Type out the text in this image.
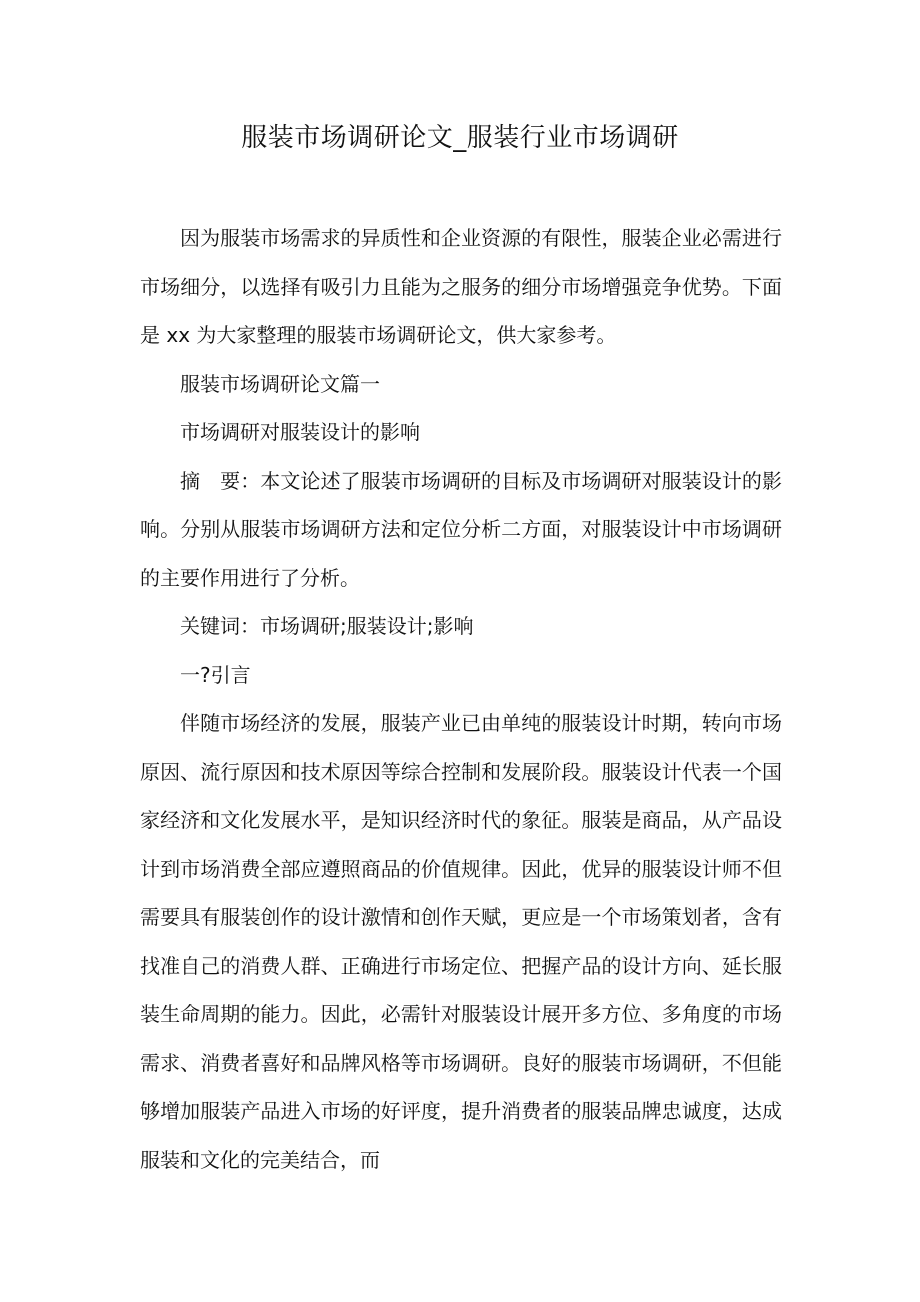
服装市场调研论文_服装行业市场调研

因为服装市场需求的异质性和企业资源的有限性，服装企业必需进行市场细分，以选择有吸引力且能为之服务的细分市场增强竞争优势。下面是 xx 为大家整理的服装市场调研论文，供大家参考。

服装市场调研论文篇一

市场调研对服装设计的影响

摘　要：本文论述了服装市场调研的目标及市场调研对服装设计的影响。分别从服装市场调研方法和定位分析二方面，对服装设计中市场调研的主要作用进行了分析。

关键词：市场调研;服装设计;影响

一?引言

伴随市场经济的发展，服装产业已由单纯的服装设计时期，转向市场原因、流行原因和技术原因等综合控制和发展阶段。服装设计代表一个国家经济和文化发展水平，是知识经济时代的象征。服装是商品，从产品设计到市场消费全部应遵照商品的价值规律。因此，优异的服装设计师不但需要具有服装创作的设计激情和创作天赋，更应是一个市场策划者，含有找准自己的消费人群、正确进行市场定位、把握产品的设计方向、延长服装生命周期的能力。因此，必需针对服装设计展开多方位、多角度的市场需求、消费者喜好和品牌风格等市场调研。良好的服装市场调研，不但能够增加服装产品进入市场的好评度，提升消费者的服装品牌忠诚度，达成服装和文化的完美结合，而
